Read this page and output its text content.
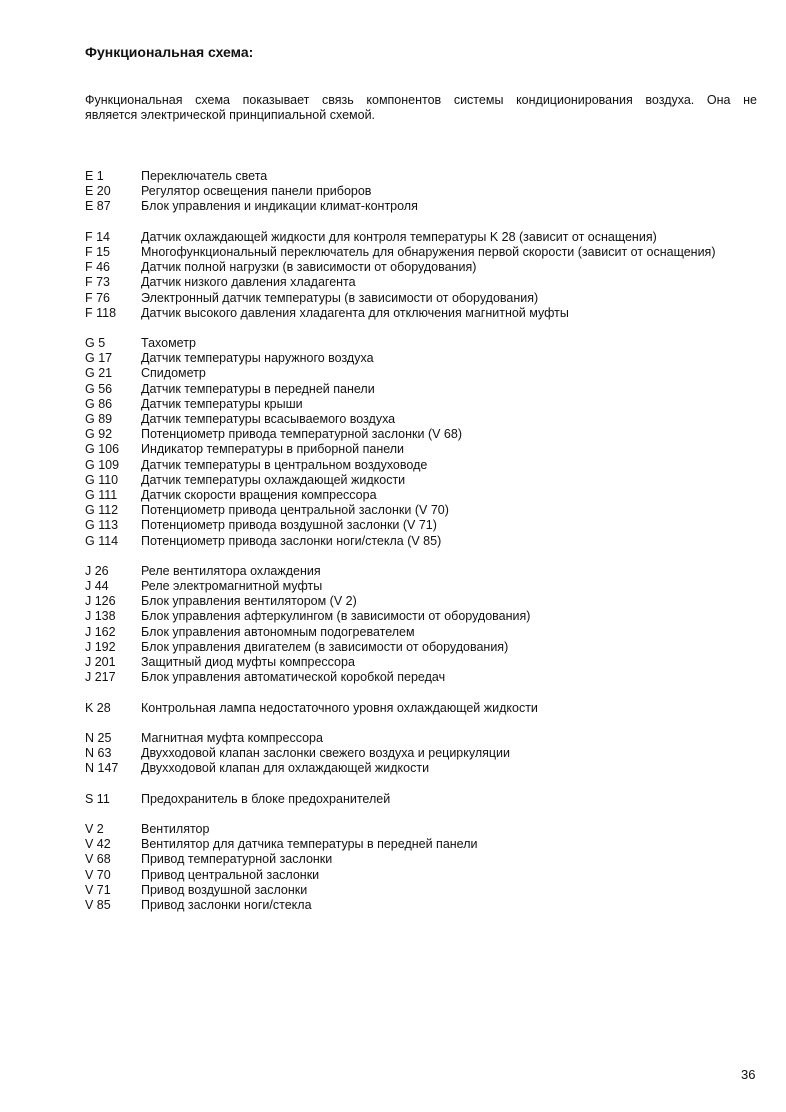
Функциональная схема:
Функциональная схема показывает связь компонентов системы кондиционирования воздуха. Она не
является электрической принципиальной схемой.
E 1	Переключатель света
E 20	Регулятор освещения панели приборов
E 87	Блок управления и индикации климат-контроля
F 14	Датчик охлаждающей жидкости для контроля температуры K 28 (зависит от оснащения)
F 15	Многофункциональный переключатель для обнаружения первой скорости (зависит от оснащения)
F 46	Датчик полной нагрузки (в зависимости от оборудования)
F 73	Датчик низкого давления хладагента
F 76	Электронный датчик температуры (в зависимости от оборудования)
F 118	Датчик высокого давления хладагента для отключения магнитной муфты
G 5	Тахометр
G 17	Датчик температуры наружного воздуха
G 21	Спидометр
G 56	Датчик температуры в передней панели
G 86	Датчик температуры крыши
G 89	Датчик температуры всасываемого воздуха
G 92	Потенциометр привода температурной заслонки (V 68)
G 106	Индикатор температуры в приборной панели
G 109	Датчик температуры в центральном воздуховоде
G 110	Датчик температуры охлаждающей жидкости
G 111	Датчик скорости вращения компрессора
G 112	Потенциометр привода центральной заслонки (V 70)
G 113	Потенциометр привода воздушной заслонки (V 71)
G 114	Потенциометр привода заслонки ноги/стекла (V 85)
J 26	Реле вентилятора охлаждения
J 44	Реле электромагнитной муфты
J 126	Блок управления вентилятором (V 2)
J 138	Блок управления афтеркулингом (в зависимости от оборудования)
J 162	Блок управления автономным подогревателем
J 192	Блок управления двигателем (в зависимости от оборудования)
J 201	Защитный диод муфты компрессора
J 217	Блок управления автоматической коробкой передач
K 28	Контрольная лампа недостаточного уровня охлаждающей жидкости
N 25	Магнитная муфта компрессора
N 63	Двухходовой клапан заслонки свежего воздуха и рециркуляции
N 147	Двухходовой клапан для охлаждающей жидкости
S 11	Предохранитель в блоке предохранителей
V 2	Вентилятор
V 42	Вентилятор для датчика температуры в передней панели
V 68	Привод температурной заслонки
V 70	Привод центральной заслонки
V 71	Привод воздушной заслонки
V 85	Привод заслонки ноги/стекла
36
